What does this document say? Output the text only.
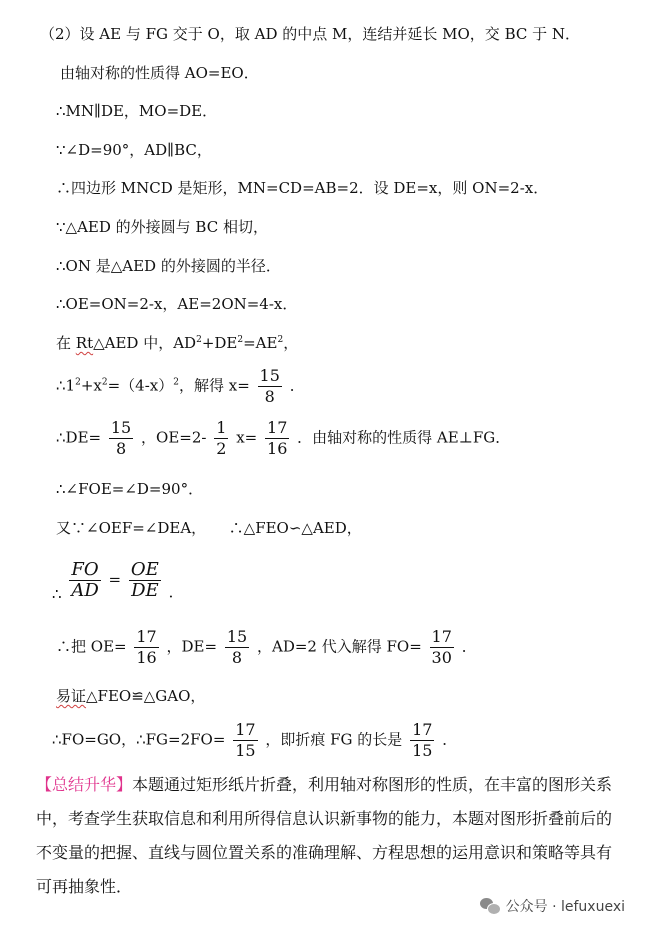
（2）设 AE 与 FG 交于 O，取 AD 的中点 M，连结并延长 MO，交 BC 于 N．
由轴对称的性质得 AO=EO．
∴MN∥DE，MO=DE．
∵∠D=90°，AD∥BC，
∴四边形 MNCD 是矩形，MN=CD=AB=2．设 DE=x，则 ON=2-x．
∵△AED 的外接圆与 BC 相切，
∴ON 是△AED 的外接圆的半径．
∴OE=ON=2-x，AE=2ON=4-x．
在 Rt△AED 中，$AD^2+DE^2=AE^2$，
$\therefore 1^2+x^2=(4-x)^2$，解得 $x= \frac{15}{8}$ ．
∴DE= $\frac{15}{8}$ ，$OE=2- \frac{1}{2} x= \frac{17}{16}$ ．由轴对称的性质得 AE⊥FG．
∴∠FOE=∠D=90°．
又∵∠OEF=∠DEA，　　∴△FEO∽△AED，
∴ $\frac{FO}{AD} = \frac{OE}{DE}$ ．
∴把 $OE= \frac{17}{16}$ ，$DE= \frac{15}{8}$ ，AD=2 代入解得 $FO= \frac{17}{30}$ ．
易证△FEO≌△GAO，
∴FO=GO，∴FG=2FO= $\frac{17}{15}$ ，即折痕 FG 的长是 $\frac{17}{15}$ ．
【总结升华】本题通过矩形纸片折叠，利用轴对称图形的性质，在丰富的图形关系中，考查学生获取信息和利用所得信息认识新事物的能力，本题对图形折叠前后的不变量的把握、直线与圆位置关系的准确理解、方程思想的运用意识和策略等具有可再抽象性．
公众号 · lefuxuexi
